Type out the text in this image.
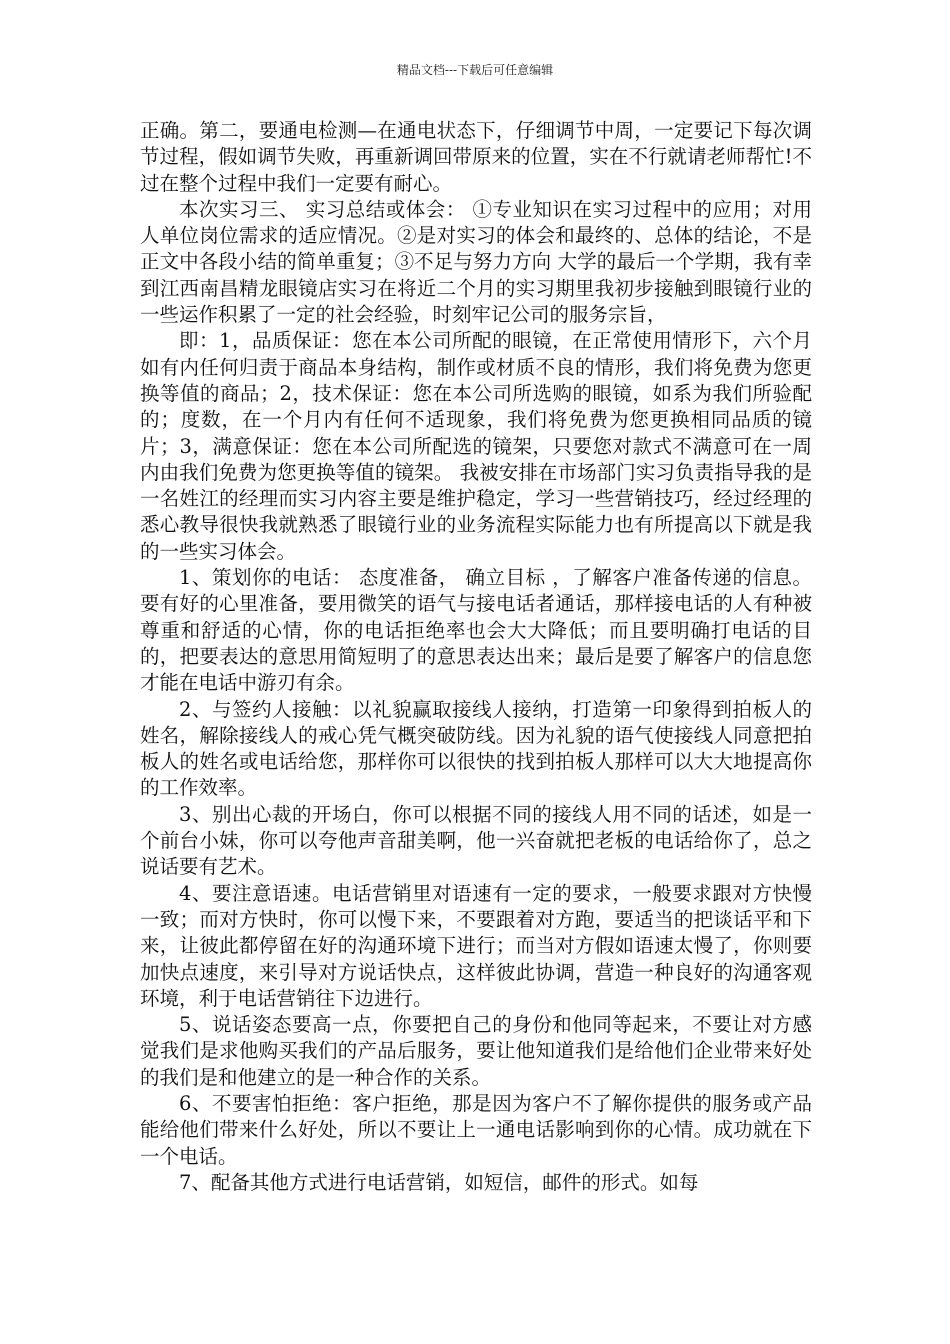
精品文档---下载后可任意编辑

正确。第二，要通电检测—在通电状态下，仔细调节中周，一定要记下每次调节过程，假如调节失败，再重新调回带原来的位置，实在不行就请老师帮忙!不过在整个过程中我们一定要有耐心。

本次实习三、 实习总结或体会： ①专业知识在实习过程中的应用；对用人单位岗位需求的适应情况。②是对实习的体会和最终的、总体的结论，不是正文中各段小结的简单重复；③不足与努力方向 大学的最后一个学期，我有幸到江西南昌精龙眼镜店实习在将近二个月的实习期里我初步接触到眼镜行业的一些运作积累了一定的社会经验，时刻牢记公司的服务宗旨，

即：1，品质保证：您在本公司所配的眼镜，在正常使用情形下，六个月如有内任何归责于商品本身结构，制作或材质不良的情形，我们将免费为您更换等值的商品；2，技术保证：您在本公司所选购的眼镜，如系为我们所验配的；度数，在一个月内有任何不适现象，我们将免费为您更换相同品质的镜片；3，满意保证：您在本公司所配选的镜架，只要您对款式不满意可在一周内由我们免费为您更换等值的镜架。 我被安排在市场部门实习负责指导我的是一名姓江的经理而实习内容主要是维护稳定，学习一些营销技巧，经过经理的悉心教导很快我就熟悉了眼镜行业的业务流程实际能力也有所提高以下就是我的一些实习体会。

1、策划你的电话： 态度准备， 确立目标 ，了解客户准备传递的信息。要有好的心里准备，要用微笑的语气与接电话者通话，那样接电话的人有种被尊重和舒适的心情，你的电话拒绝率也会大大降低；而且要明确打电话的目的，把要表达的意思用简短明了的意思表达出来；最后是要了解客户的信息您才能在电话中游刃有余。

2、与签约人接触：以礼貌赢取接线人接纳，打造第一印象得到拍板人的姓名，解除接线人的戒心凭气概突破防线。因为礼貌的语气使接线人同意把拍板人的姓名或电话给您，那样你可以很快的找到拍板人那样可以大大地提高你的工作效率。

3、别出心裁的开场白，你可以根据不同的接线人用不同的话述，如是一个前台小妹，你可以夸他声音甜美啊，他一兴奋就把老板的电话给你了，总之说话要有艺术。

4、要注意语速。电话营销里对语速有一定的要求，一般要求跟对方快慢一致；而对方快时，你可以慢下来，不要跟着对方跑，要适当的把谈话平和下来，让彼此都停留在好的沟通环境下进行；而当对方假如语速太慢了，你则要加快点速度，来引导对方说话快点，这样彼此协调，营造一种良好的沟通客观环境，利于电话营销往下边进行。

5、说话姿态要高一点，你要把自己的身份和他同等起来，不要让对方感觉我们是求他购买我们的产品后服务，要让他知道我们是给他们企业带来好处的我们是和他建立的是一种合作的关系。

6、不要害怕拒绝：客户拒绝，那是因为客户不了解你提供的服务或产品能给他们带来什么好处，所以不要让上一通电话影响到你的心情。成功就在下一个电话。

7、配备其他方式进行电话营销，如短信，邮件的形式。如每
